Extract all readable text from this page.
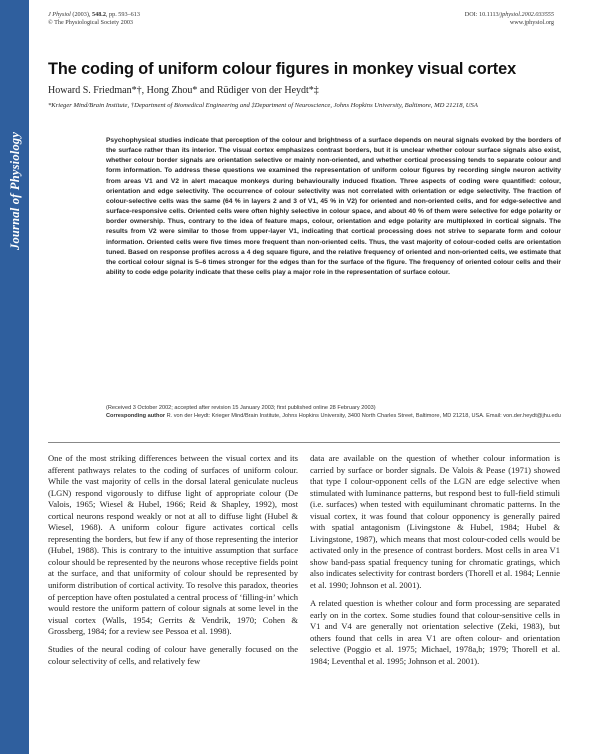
Journal of Physiology
J Physiol (2003), 548.2, pp. 593–613
© The Physiological Society 2003
DOI: 10.1113/jphysiol.2002.033555
www.jphysiol.org
The coding of uniform colour figures in monkey visual cortex
Howard S. Friedman*†, Hong Zhou* and Rüdiger von der Heydt*‡
*Krieger Mind/Brain Institute, †Department of Biomedical Engineering and ‡Department of Neuroscience, Johns Hopkins University, Baltimore, MD 21218, USA
Psychophysical studies indicate that perception of the colour and brightness of a surface depends on neural signals evoked by the borders of the surface rather than its interior. The visual cortex emphasizes contrast borders, but it is unclear whether colour surface signals also exist, whether colour border signals are orientation selective or mainly non-oriented, and whether cortical processing tends to separate colour and form information. To address these questions we examined the representation of uniform colour figures by recording single neuron activity from areas V1 and V2 in alert macaque monkeys during behaviourally induced fixation. Three aspects of coding were quantified: colour, orientation and edge selectivity. The occurrence of colour selectivity was not correlated with orientation or edge selectivity. The fraction of colour-selective cells was the same (64 % in layers 2 and 3 of V1, 45 % in V2) for oriented and non-oriented cells, and for edge-selective and surface-responsive cells. Oriented cells were often highly selective in colour space, and about 40 % of them were selective for edge polarity or border ownership. Thus, contrary to the idea of feature maps, colour, orientation and edge polarity are multiplexed in cortical signals. The results from V2 were similar to those from upper-layer V1, indicating that cortical processing does not strive to separate form and colour information. Oriented cells were five times more frequent than non-oriented cells. Thus, the vast majority of colour-coded cells are orientation tuned. Based on response profiles across a 4 deg square figure, and the relative frequency of oriented and non-oriented cells, we estimate that the cortical colour signal is 5–6 times stronger for the edges than for the surface of the figure. The frequency of oriented colour cells and their ability to code edge polarity indicate that these cells play a major role in the representation of surface colour.
(Received 3 October 2002; accepted after revision 15 January 2003; first published online 28 February 2003)
Corresponding author R. von der Heydt: Krieger Mind/Brain Institute, Johns Hopkins University, 3400 North Charles Street, Baltimore, MD 21218, USA. Email: von.der.heydt@jhu.edu

One of the most striking differences between the visual cortex and its afferent pathways relates to the coding of surfaces of uniform colour. While the vast majority of cells in the dorsal lateral geniculate nucleus (LGN) respond vigorously to diffuse light of appropriate colour (De Valois, 1965; Wiesel & Hubel, 1966; Reid & Shapley, 1992), most cortical neurons respond weakly or not at all to diffuse light (Hubel & Wiesel, 1968). A uniform colour figure activates cortical cells representing the borders, but few if any of those representing the interior (Hubel, 1988). This is contrary to the intuitive assumption that surface colour should be represented by the neurons whose receptive fields point at the surface, and that uniformity of colour should be represented by uniform distribution of cortical activity. To resolve this paradox, theories of perception have often postulated a central process of ‘filling-in’ which would restore the uniform pattern of colour signals at some level in the visual cortex (Walls, 1954; Gerrits & Vendrik, 1970; Cohen & Grossberg, 1984; for a review see Pessoa et al. 1998).

Studies of the neural coding of colour have generally focused on the colour selectivity of cells, and relatively few

data are available on the question of whether colour information is carried by surface or border signals. De Valois & Pease (1971) showed that type I colour-opponent cells of the LGN are edge selective when stimulated with luminance patterns, but respond best to full-field stimuli (i.e. surfaces) when tested with equiluminant chromatic patterns. In the visual cortex, it was found that colour opponency is generally paired with spatial antagonism (Livingstone & Hubel, 1984; Hubel & Livingstone, 1987), which means that most colour-coded cells would be activated only in the presence of contrast borders. Most cells in area V1 show band-pass spatial frequency tuning for chromatic gratings, which also indicates selectivity for contrast borders (Thorell et al. 1984; Lennie et al. 1990; Johnson et al. 2001).

A related question is whether colour and form processing are separated early on in the cortex. Some studies found that colour-sensitive cells in V1 and V4 are generally not orientation selective (Zeki, 1983), but others found that cells in area V1 are often colour- and orientation selective (Poggio et al. 1975; Michael, 1978a,b; 1979; Thorell et al. 1984; Leventhal et al. 1995; Johnson et al. 2001).
